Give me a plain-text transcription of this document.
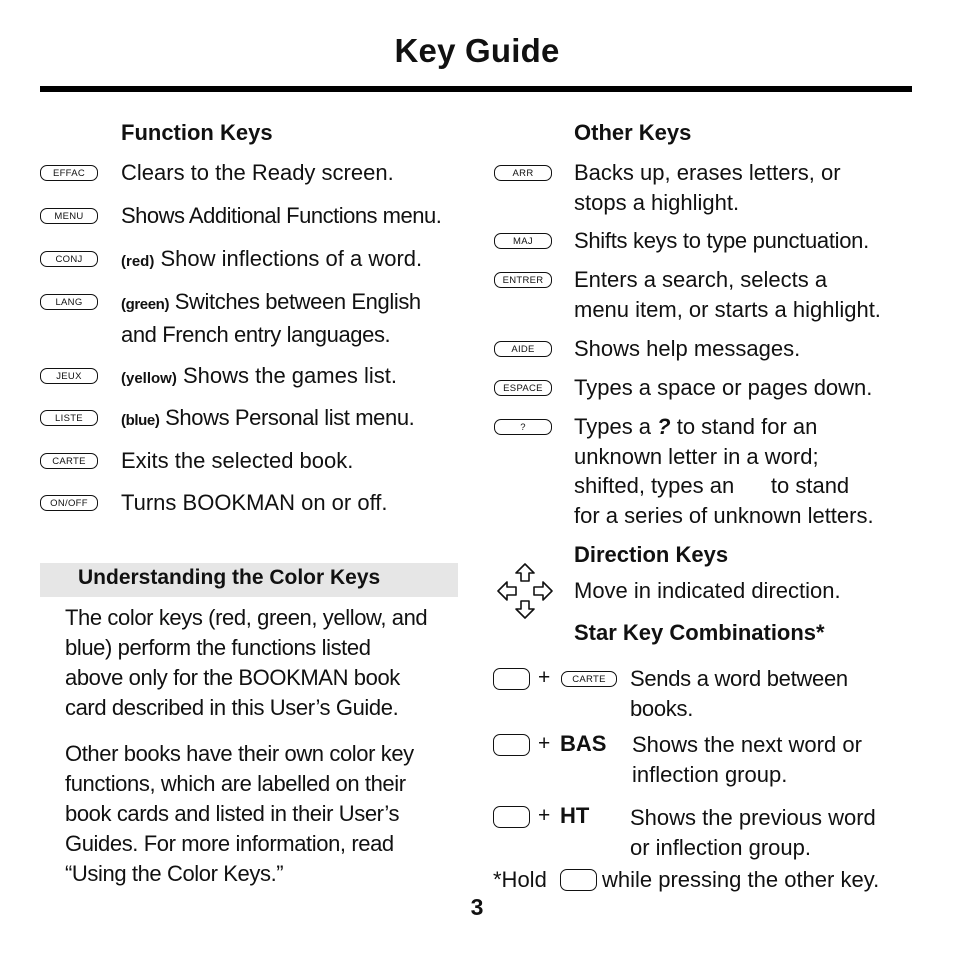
Key Guide
Function Keys
EFFAC	Clears to the Ready screen.
MENU	Shows Additional Functions menu.
CONJ	(red) Show inflections of a word.
LANG	(green) Switches between English
and French entry languages.
JEUX	(yellow) Shows the games list.
LISTE	(blue) Shows Personal list menu.
CARTE	Exits the selected book.
ON/OFF	Turns BOOKMAN on or off.
Understanding the Color Keys
The color keys (red, green, yellow, and
blue) perform the functions listed
above only for the BOOKMAN book
card described in this User’s Guide.
Other books have their own color key
functions, which are labelled on their
book cards and listed in their User’s
Guides. For more information, read
“Using the Color Keys.”
Other Keys
ARR	Backs up, erases letters, or
stops a highlight.
MAJ	Shifts keys to type punctuation.
ENTRER	Enters a search, selects a
menu item, or starts a highlight.
AIDE	Shows help messages.
ESPACE	Types a space or pages down.
?	Types a ? to stand for an
unknown letter in a word;
shifted, types an      to stand
for a series of unknown letters.
Direction Keys
Move in indicated direction.
Star Key Combinations*
+	CARTE	Sends a word between
books.
+ BAS Shows the next word or
inflection group.
+ HT Shows the previous word
or inflection group.
*Hold	while pressing the other key.
3
